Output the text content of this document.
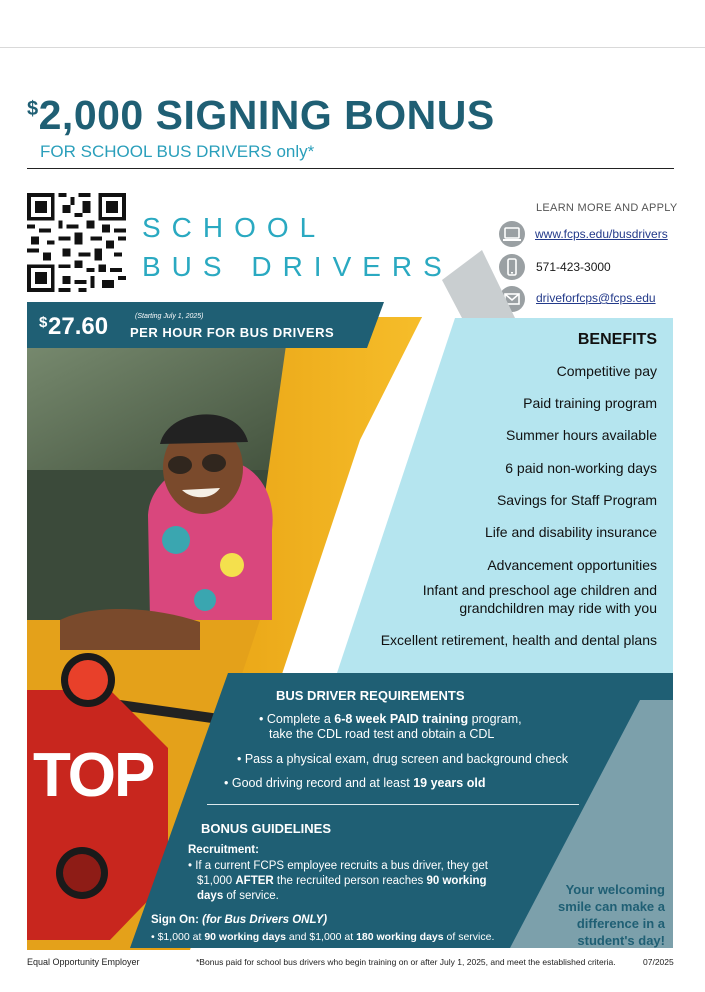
$2,000 SIGNING BONUS
FOR SCHOOL BUS DRIVERS only*
SCHOOL
BUS DRIVERS
LEARN MORE AND APPLY
www.fcps.edu/busdrivers
571-423-3000
driveforfcps@fcps.edu
$ 27.60	(Starting July 1, 2025)
PER HOUR FOR BUS DRIVERS
TOP
BENEFITS
Competitive pay
Paid training program
Summer hours available
6 paid non-working days
Savings for Staff Program
Life and disability insurance
Advancement opportunities
Infant and preschool age children and
grandchildren may ride with you
Excellent retirement, health and dental plans
BUS DRIVER REQUIREMENTS
• Complete a 6-8 week PAID training program,
take the CDL road test and obtain a CDL
• Pass a physical exam, drug screen and background check
• Good driving record and at least 19 years old
BONUS GUIDELINES
Recruitment:
• If a current FCPS employee recruits a bus driver, they get
$1,000 AFTER the recruited person reaches 90 working
days of service.
Sign On: (for Bus Drivers ONLY)
• $1,000 at 90 working days and $1,000 at 180 working days of service.
Your welcoming
smile can make a
difference in a
student's day!
Equal Opportunity Employer	*Bonus paid for school bus drivers who begin training on or after July 1, 2025, and meet the established criteria.	07/2025
